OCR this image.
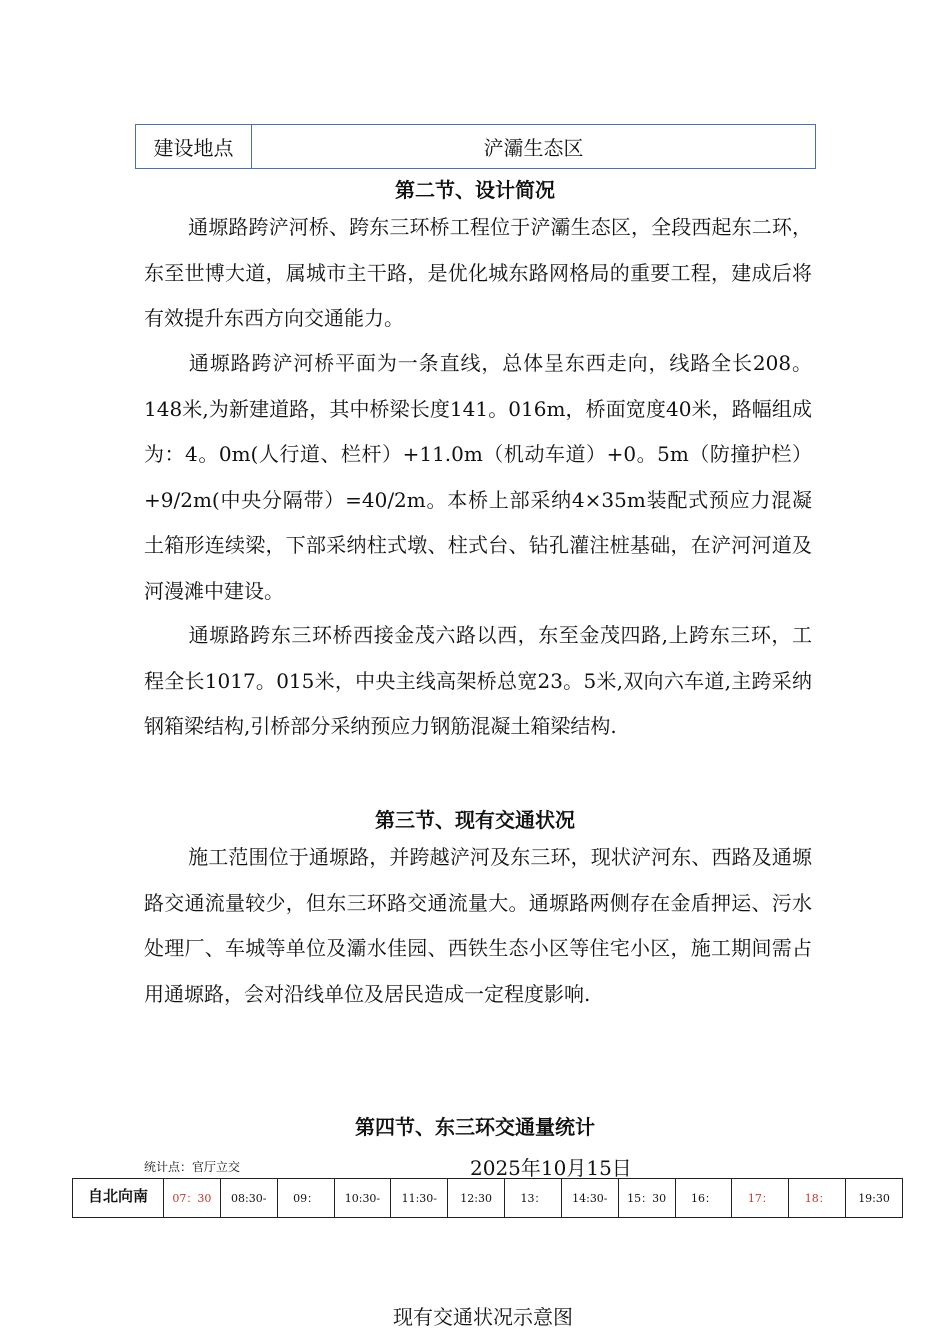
建设地点	浐灞生态区
第二节、设计简况

通塬路跨浐河桥、跨东三环桥工程位于浐灞生态区，全段西起东二环，东至世博大道，属城市主干路，是优化城东路网格局的重要工程，建成后将有效提升东西方向交通能力。

通塬路跨浐河桥平面为一条直线，总体呈东西走向，线路全长208。148米,为新建道路，其中桥梁长度141。016m，桥面宽度40米，路幅组成为：4。0m(人行道、栏杆）+11.0m（机动车道）+0。5m（防撞护栏）+9/2m(中央分隔带）=40/2m。本桥上部采纳4×35m装配式预应力混凝土箱形连续梁，下部采纳柱式墩、柱式台、钻孔灌注桩基础，在浐河河道及河漫滩中建设。

通塬路跨东三环桥西接金茂六路以西，东至金茂四路,上跨东三环，工程全长1017。015米，中央主线高架桥总宽23。5米,双向六车道,主跨采纳钢箱梁结构,引桥部分采纳预应力钢筋混凝土箱梁结构.

第三节、现有交通状况

施工范围位于通塬路，并跨越浐河及东三环，现状浐河东、西路及通塬路交通流量较少，但东三环路交通流量大。通塬路两侧存在金盾押运、污水处理厂、车城等单位及灞水佳园、西铁生态小区等住宅小区，施工期间需占用通塬路，会对沿线单位及居民造成一定程度影响.

第四节、东三环交通量统计
统计点：官厅立交	2025年10月15日
自北向南	07：30	08:30-	09：	10:30-	11:30-	12:30	13：	14:30-	15：30	16：	17：	18：	19:30
现有交通状况示意图
